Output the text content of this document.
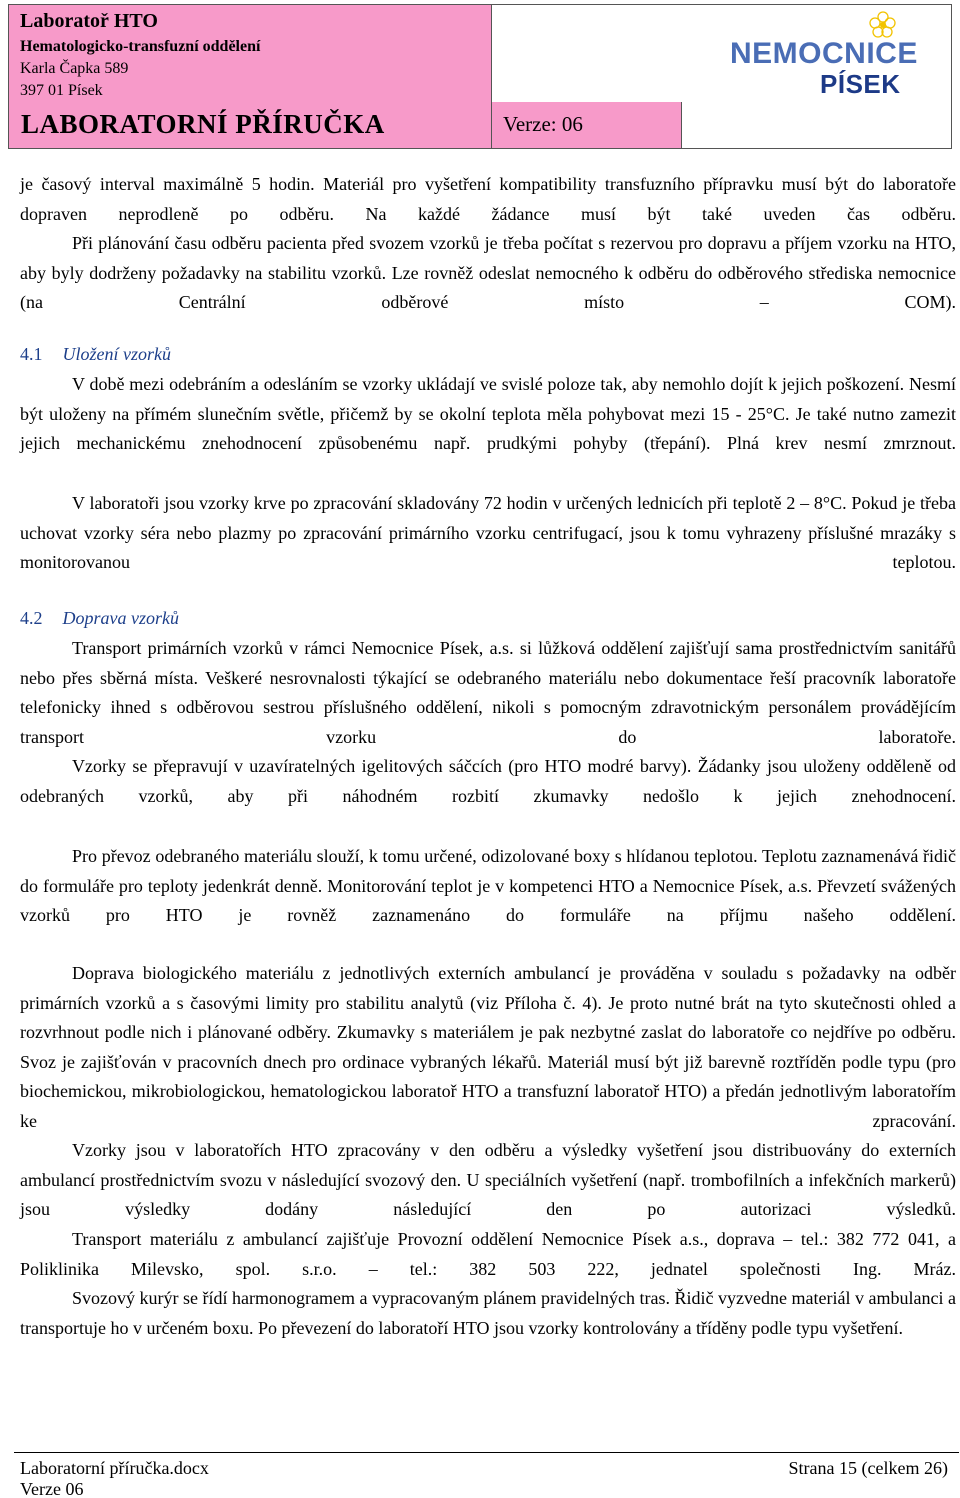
Laboratoř HTO
Hematologicko-transfuzní oddělení
Karla Čapka 589
397 01 Písek
LABORATORNÍ PŘÍRUČKA	Verze: 06
NEMOCNICE
PÍSEK

je časový interval maximálně 5 hodin. Materiál pro vyšetření kompatibility transfuzního přípravku musí být do laboratoře dopraven neprodleně po odběru. Na každé žádance musí být také uveden čas odběru.

Při plánování času odběru pacienta před svozem vzorků je třeba počítat s rezervou pro dopravu a příjem vzorku na HTO, aby byly dodrženy požadavky na stabilitu vzorků. Lze rovněž odeslat nemocného k odběru do odběrového střediska nemocnice (na Centrální odběrové místo – COM).

4.1 Uložení vzorků

V době mezi odebráním a odesláním se vzorky ukládají ve svislé poloze tak, aby nemohlo dojít k jejich poškození. Nesmí být uloženy na přímém slunečním světle, přičemž by se okolní teplota měla pohybovat mezi 15 - 25°C. Je také nutno zamezit jejich mechanickému znehodnocení způsobenému např. prudkými pohyby (třepání). Plná krev nesmí zmrznout.

V laboratoři jsou vzorky krve po zpracování skladovány 72 hodin v určených lednicích při teplotě 2 – 8°C. Pokud je třeba uchovat vzorky séra nebo plazmy po zpracování primárního vzorku centrifugací, jsou k tomu vyhrazeny příslušné mrazáky s monitorovanou teplotou.

4.2 Doprava vzorků

Transport primárních vzorků v rámci Nemocnice Písek, a.s. si lůžková oddělení zajišťují sama prostřednictvím sanitářů nebo přes sběrná místa. Veškeré nesrovnalosti týkající se odebraného materiálu nebo dokumentace řeší pracovník laboratoře telefonicky ihned s odběrovou sestrou příslušného oddělení, nikoli s pomocným zdravotnickým personálem provádějícím transport vzorku do laboratoře.

Vzorky se přepravují v uzavíratelných igelitových sáčcích (pro HTO modré barvy). Žádanky jsou uloženy odděleně od odebraných vzorků, aby při náhodném rozbití zkumavky nedošlo k jejich znehodnocení.

Pro převoz odebraného materiálu slouží, k tomu určené, odizolované boxy s hlídanou teplotou. Teplotu zaznamenává řidič do formuláře pro teploty jedenkrát denně. Monitorování teplot je v kompetenci HTO a Nemocnice Písek, a.s. Převzetí svážených vzorků pro HTO je rovněž zaznamenáno do formuláře na příjmu našeho oddělení.

Doprava biologického materiálu z jednotlivých externích ambulancí je prováděna v souladu s požadavky na odběr primárních vzorků a s časovými limity pro stabilitu analytů (viz Příloha č. 4). Je proto nutné brát na tyto skutečnosti ohled a rozvrhnout podle nich i plánované odběry. Zkumavky s materiálem je pak nezbytné zaslat do laboratoře co nejdříve po odběru. Svoz je zajišťován v pracovních dnech pro ordinace vybraných lékařů. Materiál musí být již barevně roztříděn podle typu (pro biochemickou, mikrobiologickou, hematologickou laboratoř HTO a transfuzní laboratoř HTO) a předán jednotlivým laboratořím ke zpracování.

Vzorky jsou v laboratořích HTO zpracovány v den odběru a výsledky vyšetření jsou distribuovány do externích ambulancí prostřednictvím svozu v následující svozový den. U speciálních vyšetření (např. trombofilních a infekčních markerů) jsou výsledky dodány následující den po autorizaci výsledků.

Transport materiálu z ambulancí zajišťuje Provozní oddělení Nemocnice Písek a.s., doprava – tel.: 382 772 041, a Poliklinika Milevsko, spol. s.r.o. – tel.: 382 503 222, jednatel společnosti Ing. Mráz.

Svozový kurýr se řídí harmonogramem a vypracovaným plánem pravidelných tras. Řidič vyzvedne materiál v ambulanci a transportuje ho v určeném boxu. Po převezení do laboratoří HTO jsou vzorky kontrolovány a tříděny podle typu vyšetření.

Laboratorní příručka.docx
Verze 06
Strana 15 (celkem 26)
